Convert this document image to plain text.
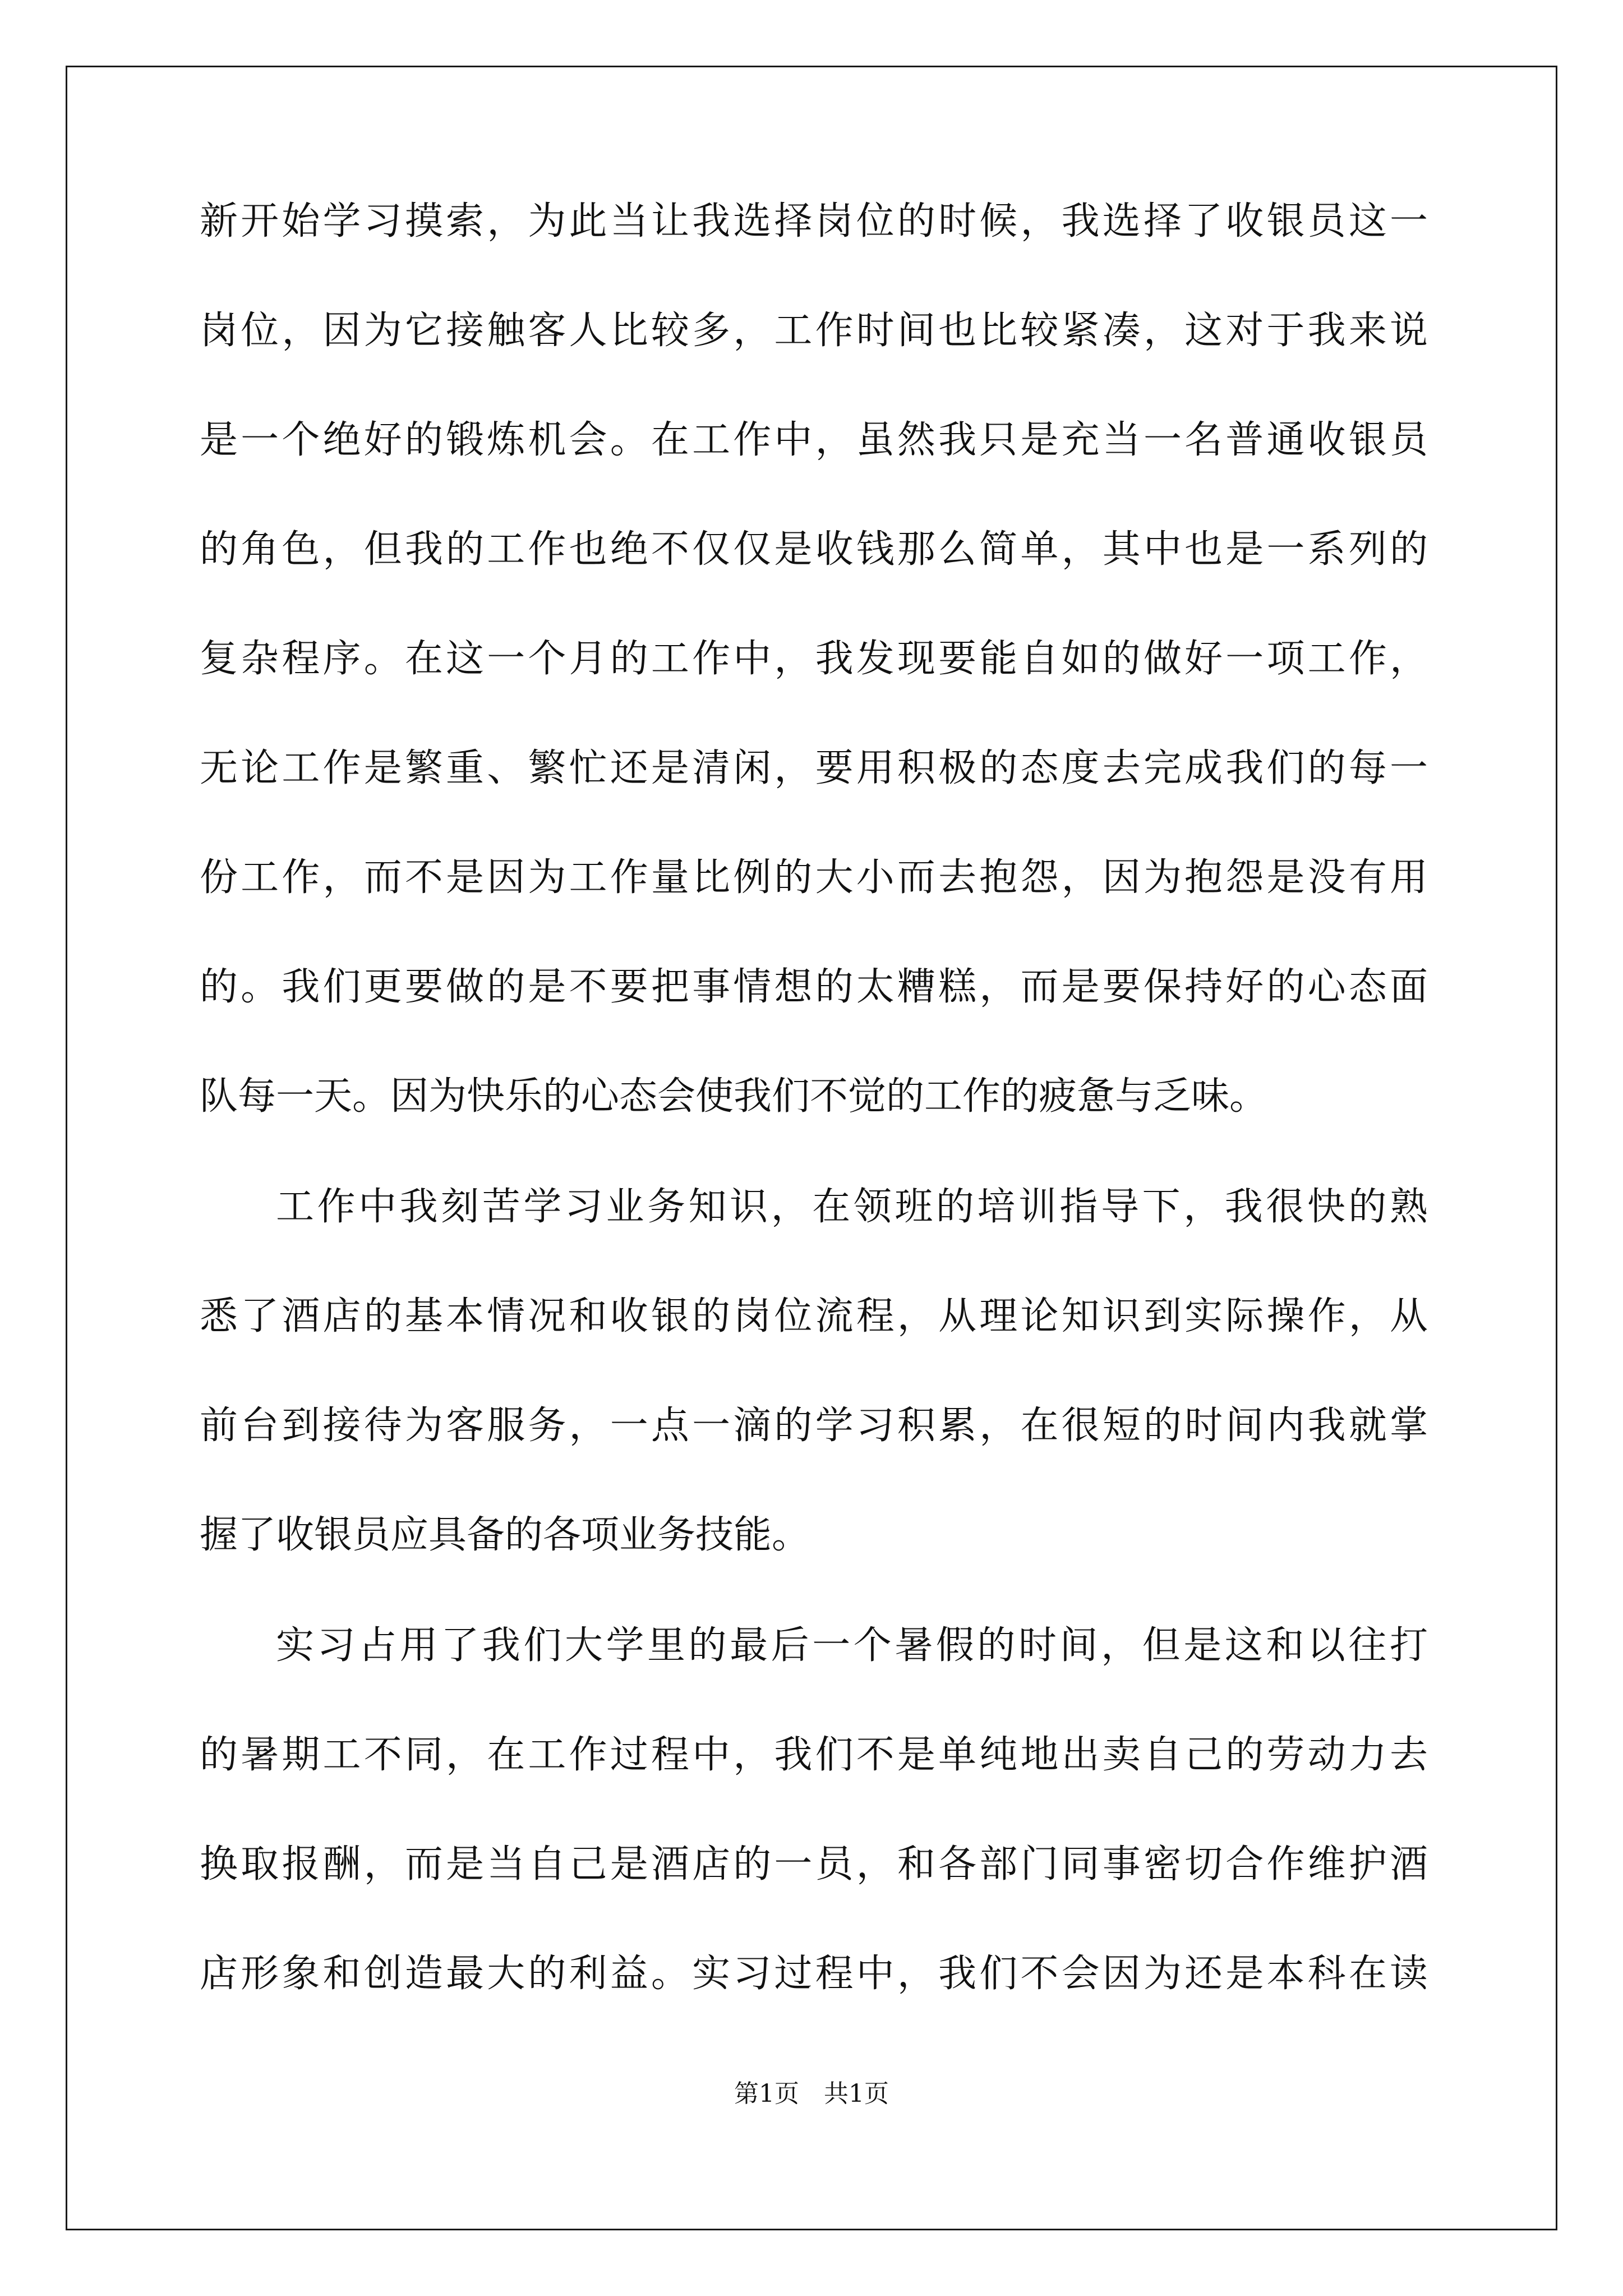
新开始学习摸索，为此当让我选择岗位的时候，我选择了收银员这一
岗位，因为它接触客人比较多，工作时间也比较紧凑，这对于我来说
是一个绝好的锻炼机会。在工作中，虽然我只是充当一名普通收银员
的角色，但我的工作也绝不仅仅是收钱那么简单，其中也是一系列的
复杂程序。在这一个月的工作中，我发现要能自如的做好一项工作，
无论工作是繁重、繁忙还是清闲，要用积极的态度去完成我们的每一
份工作，而不是因为工作量比例的大小而去抱怨，因为抱怨是没有用
的。我们更要做的是不要把事情想的太糟糕，而是要保持好的心态面
队每一天。因为快乐的心态会使我们不觉的工作的疲惫与乏味。
工作中我刻苦学习业务知识，在领班的培训指导下，我很快的熟
悉了酒店的基本情况和收银的岗位流程，从理论知识到实际操作，从
前台到接待为客服务，一点一滴的学习积累，在很短的时间内我就掌
握了收银员应具备的各项业务技能。
实习占用了我们大学里的最后一个暑假的时间，但是这和以往打
的暑期工不同，在工作过程中，我们不是单纯地出卖自己的劳动力去
换取报酬，而是当自己是酒店的一员，和各部门同事密切合作维护酒
店形象和创造最大的利益。实习过程中，我们不会因为还是本科在读
第1页　共1页
